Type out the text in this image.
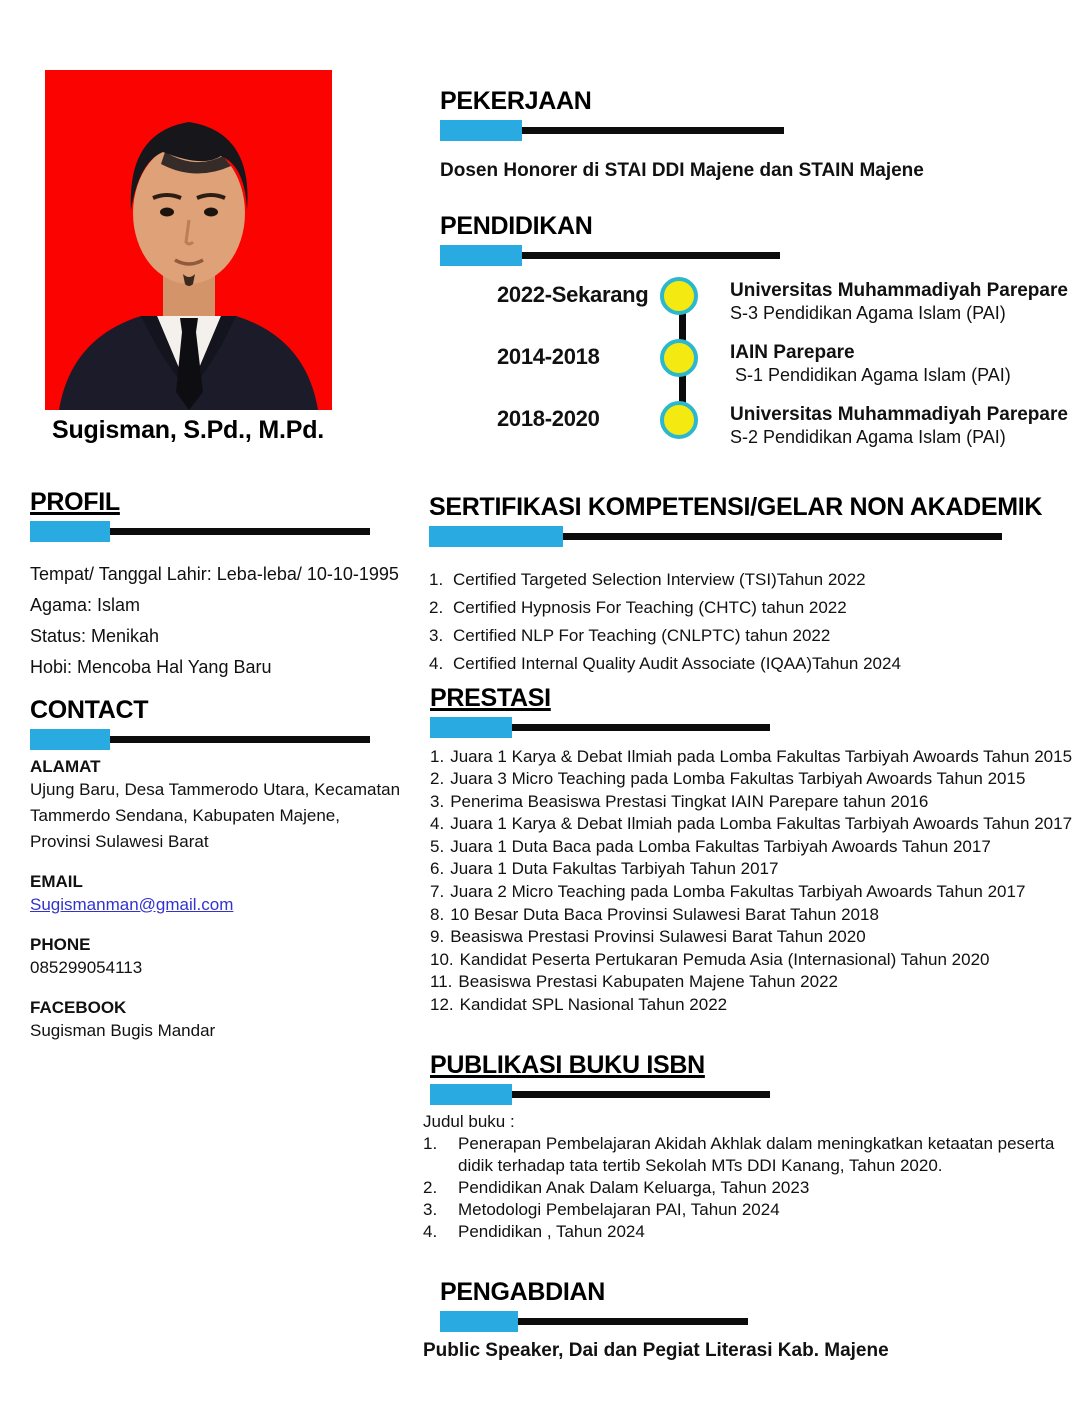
Sugisman, S.Pd., M.Pd.
PROFIL
Tempat/ Tanggal Lahir: Leba-leba/ 10-10-1995
Agama: Islam
Status: Menikah
Hobi: Mencoba Hal Yang Baru
CONTACT
ALAMAT
Ujung Baru, Desa Tammerodo Utara, Kecamatan
Tammerdo Sendana, Kabupaten Majene,
Provinsi Sulawesi Barat
EMAIL
Sugismanman@gmail.com
PHONE
085299054113
FACEBOOK
Sugisman Bugis Mandar
PEKERJAAN
Dosen Honorer di STAI DDI Majene dan STAIN Majene
PENDIDIKAN
2014-2018	IAIN Parepare
S-1 Pendidikan Agama Islam (PAI)
2018-2020	Universitas Muhammadiyah Parepare
S-2 Pendidikan Agama Islam (PAI)
2022-Sekarang	Universitas Muhammadiyah Parepare
S-3 Pendidikan Agama Islam (PAI)
SERTIFIKASI KOMPETENSI/GELAR NON AKADEMIK
1. Certified Targeted Selection Interview (TSI)Tahun 2022
2. Certified Hypnosis For Teaching (CHTC) tahun 2022
3. Certified NLP For Teaching (CNLPTC) tahun 2022
4. Certified Internal Quality Audit Associate (IQAA)Tahun 2024
PRESTASI
1. Juara 1 Karya & Debat Ilmiah pada Lomba Fakultas Tarbiyah Awoards Tahun 2015
2. Juara 3 Micro Teaching pada Lomba Fakultas Tarbiyah Awoards Tahun 2015
3. Penerima Beasiswa Prestasi Tingkat IAIN Parepare tahun 2016
4. Juara 1 Karya & Debat Ilmiah pada Lomba Fakultas Tarbiyah Awoards Tahun 2017
5. Juara 1 Duta Baca pada Lomba Fakultas Tarbiyah Awoards Tahun 2017
6. Juara 1 Duta Fakultas Tarbiyah Tahun 2017
7. Juara 2 Micro Teaching pada Lomba Fakultas Tarbiyah Awoards Tahun 2017
8. 10 Besar Duta Baca Provinsi Sulawesi Barat Tahun 2018
9. Beasiswa Prestasi Provinsi Sulawesi Barat Tahun 2020
10. Kandidat Peserta Pertukaran Pemuda Asia (Internasional) Tahun 2020
11. Beasiswa Prestasi Kabupaten Majene Tahun 2022
12. Kandidat SPL Nasional Tahun 2022
PUBLIKASI BUKU ISBN
Judul buku :
1.	Penerapan Pembelajaran Akidah Akhlak dalam meningkatkan ketaatan peserta didik terhadap tata tertib Sekolah MTs DDI Kanang, Tahun 2020.
2.	Pendidikan Anak Dalam Keluarga, Tahun 2023
3.	Metodologi Pembelajaran PAI, Tahun 2024
4.	Pendidikan , Tahun 2024
PENGABDIAN
Public Speaker, Dai dan Pegiat Literasi Kab. Majene
